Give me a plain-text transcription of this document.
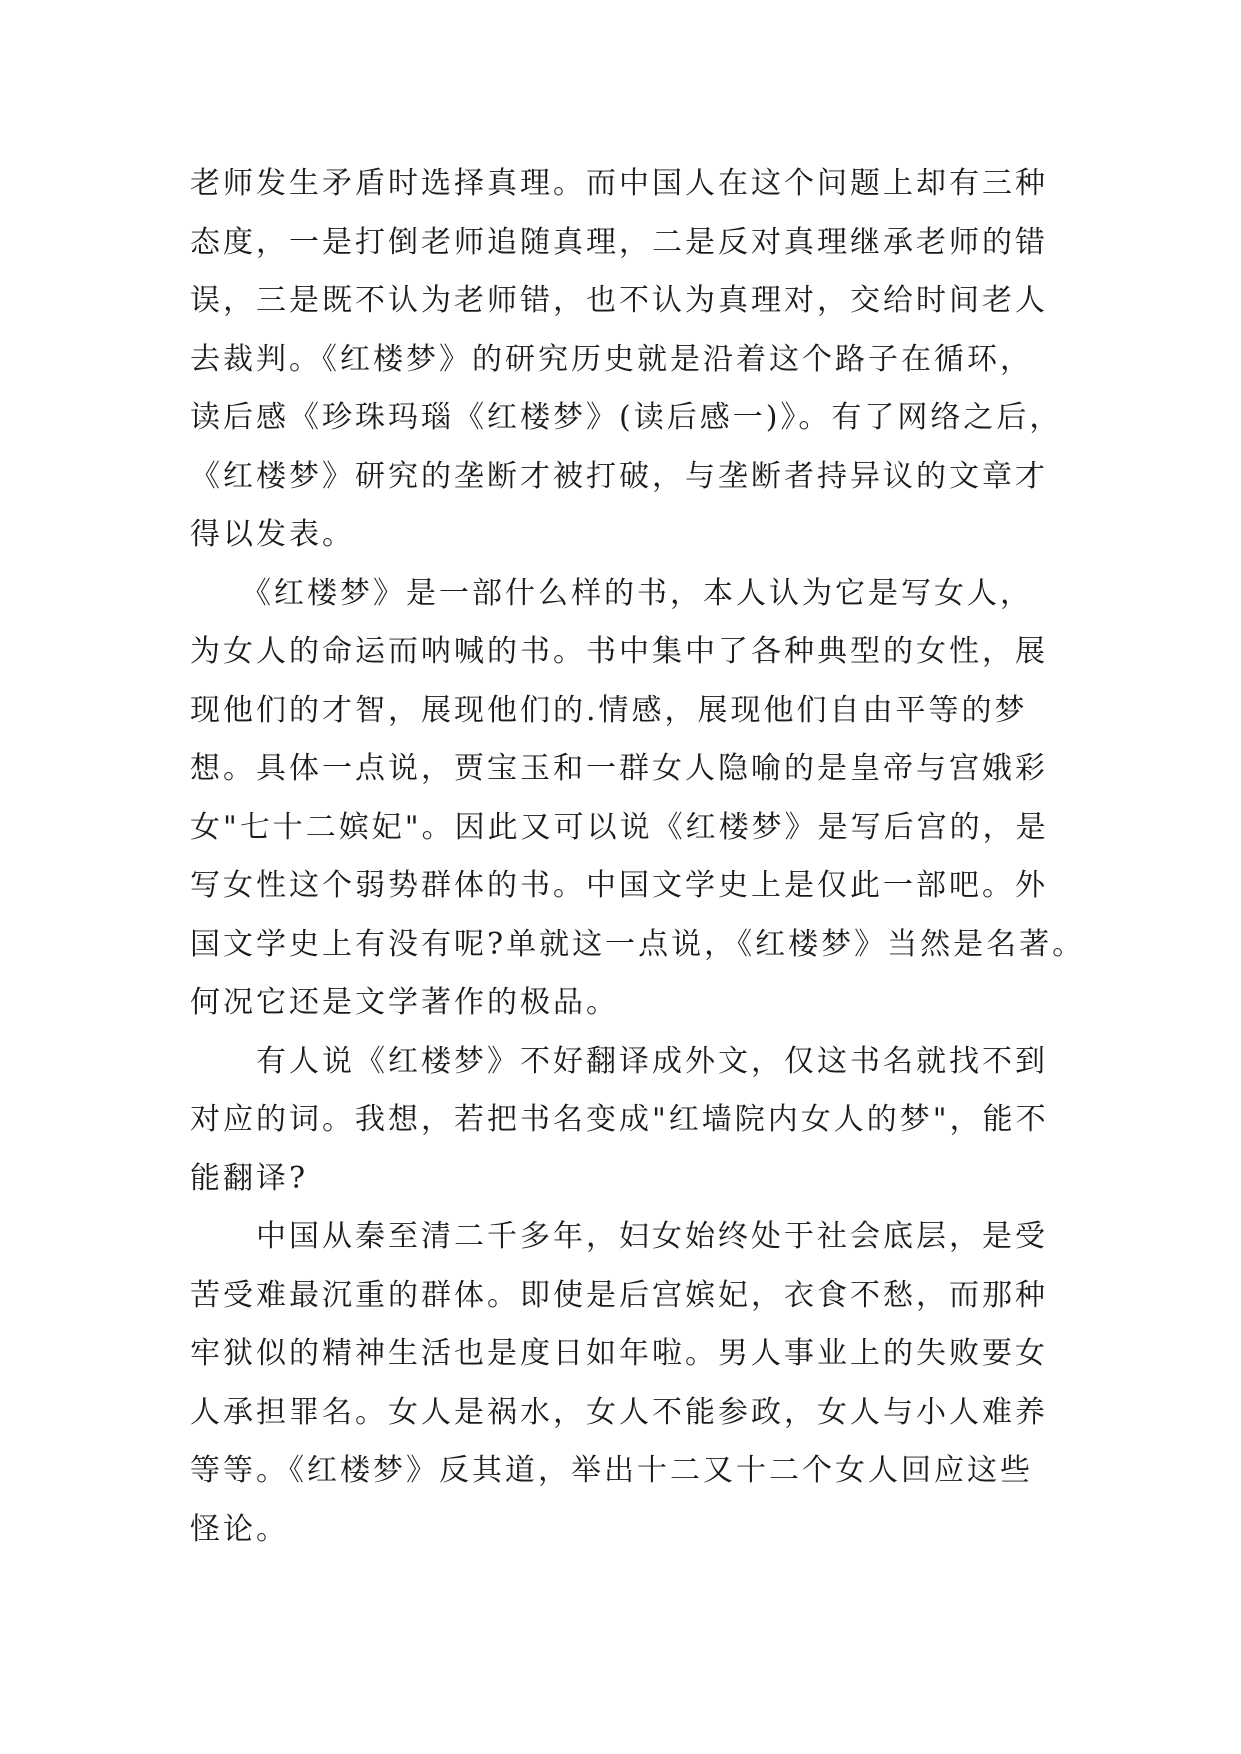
老师发生矛盾时选择真理。而中国人在这个问题上却有三种
态度，一是打倒老师追随真理，二是反对真理继承老师的错
误，三是既不认为老师错，也不认为真理对，交给时间老人
去裁判。《红楼梦》的研究历史就是沿着这个路子在循环，
读后感《珍珠玛瑙《红楼梦》(读后感一)》。有了网络之后，
《红楼梦》研究的垄断才被打破，与垄断者持异议的文章才
得以发表。
　　《红楼梦》是一部什么样的书，本人认为它是写女人，
为女人的命运而呐喊的书。书中集中了各种典型的女性，展
现他们的才智，展现他们的.情感，展现他们自由平等的梦
想。具体一点说，贾宝玉和一群女人隐喻的是皇帝与宫娥彩
女"七十二嫔妃"。因此又可以说《红楼梦》是写后宫的，是
写女性这个弱势群体的书。中国文学史上是仅此一部吧。外
国文学史上有没有呢?单就这一点说，《红楼梦》当然是名著。
何况它还是文学著作的极品。
　　有人说《红楼梦》不好翻译成外文，仅这书名就找不到
对应的词。我想，若把书名变成"红墙院内女人的梦"，能不
能翻译?
　　中国从秦至清二千多年，妇女始终处于社会底层，是受
苦受难最沉重的群体。即使是后宫嫔妃，衣食不愁，而那种
牢狱似的精神生活也是度日如年啦。男人事业上的失败要女
人承担罪名。女人是祸水，女人不能参政，女人与小人难养
等等。《红楼梦》反其道，举出十二又十二个女人回应这些
怪论。
